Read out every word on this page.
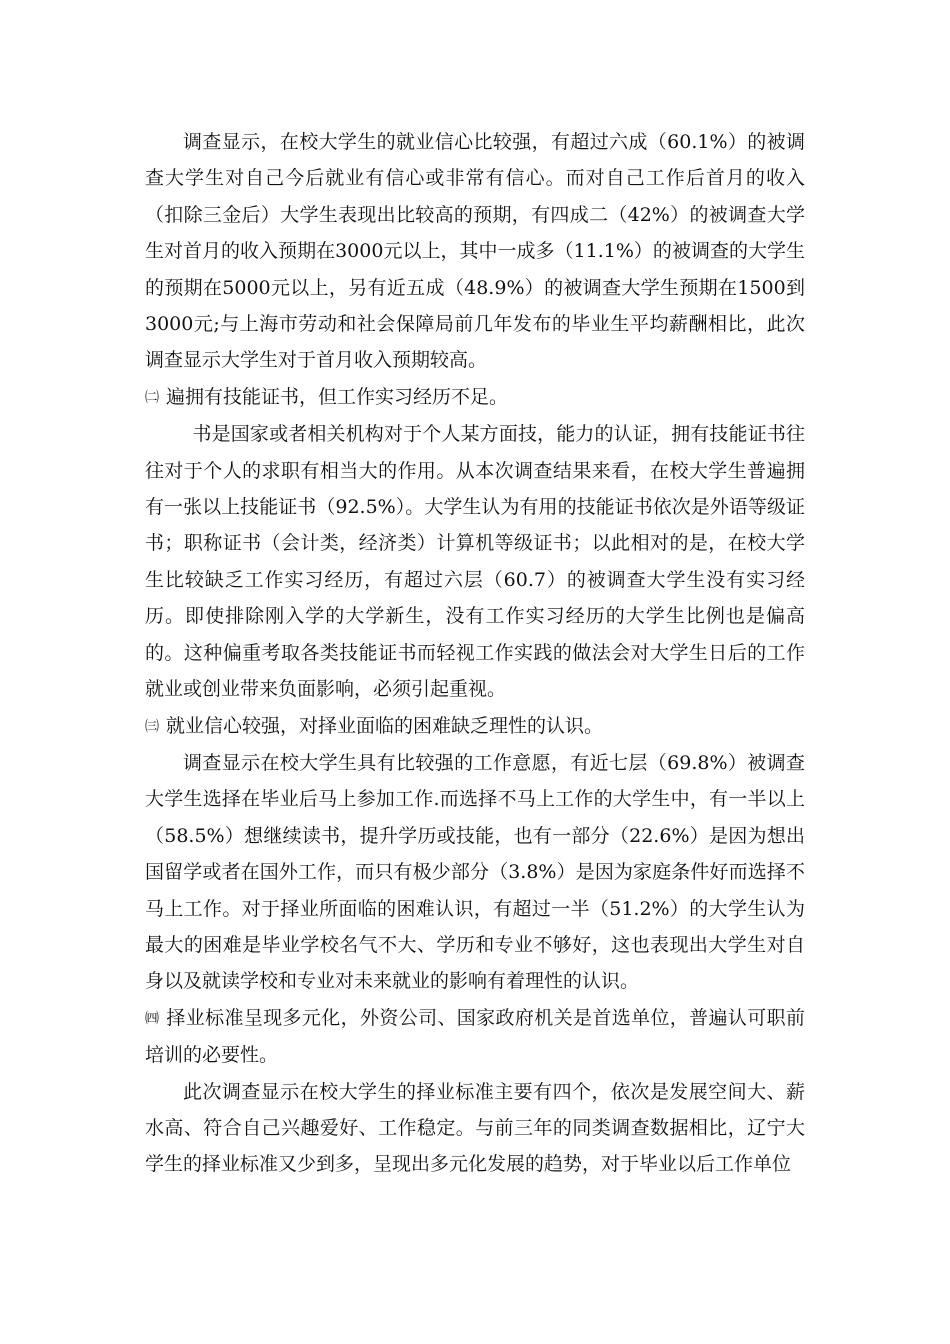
调查显示，在校大学生的就业信心比较强，有超过六成（60.1%）的被调查大学生对自己今后就业有信心或非常有信心。而对自己工作后首月的收入（扣除三金后）大学生表现出比较高的预期，有四成二（42%）的被调查大学生对首月的收入预期在3000元以上，其中一成多（11.1%）的被调查的大学生的预期在5000元以上，另有近五成（48.9%）的被调查大学生预期在1500到3000元;与上海市劳动和社会保障局前几年发布的毕业生平均薪酬相比，此次调查显示大学生对于首月收入预期较高。

㈡ 遍拥有技能证书，但工作实习经历不足。

书是国家或者相关机构对于个人某方面技，能力的认证，拥有技能证书往往对于个人的求职有相当大的作用。从本次调查结果来看，在校大学生普遍拥有一张以上技能证书（92.5%）。大学生认为有用的技能证书依次是外语等级证书；职称证书（会计类，经济类）计算机等级证书；以此相对的是，在校大学生比较缺乏工作实习经历，有超过六层（60.7）的被调查大学生没有实习经历。即使排除刚入学的大学新生，没有工作实习经历的大学生比例也是偏高的。这种偏重考取各类技能证书而轻视工作实践的做法会对大学生日后的工作就业或创业带来负面影响，必须引起重视。

㈢ 就业信心较强，对择业面临的困难缺乏理性的认识。

调查显示在校大学生具有比较强的工作意愿，有近七层（69.8%）被调查大学生选择在毕业后马上参加工作.而选择不马上工作的大学生中，有一半以上（58.5%）想继续读书，提升学历或技能，也有一部分（22.6%）是因为想出国留学或者在国外工作，而只有极少部分（3.8%）是因为家庭条件好而选择不马上工作。对于择业所面临的困难认识，有超过一半（51.2%）的大学生认为最大的困难是毕业学校名气不大、学历和专业不够好，这也表现出大学生对自身以及就读学校和专业对未来就业的影响有着理性的认识。

㈣ 择业标准呈现多元化，外资公司、国家政府机关是首选单位，普遍认可职前培训的必要性。

此次调查显示在校大学生的择业标准主要有四个，依次是发展空间大、薪水高、符合自己兴趣爱好、工作稳定。与前三年的同类调查数据相比，辽宁大学生的择业标准又少到多，呈现出多元化发展的趋势，对于毕业以后工作单位
